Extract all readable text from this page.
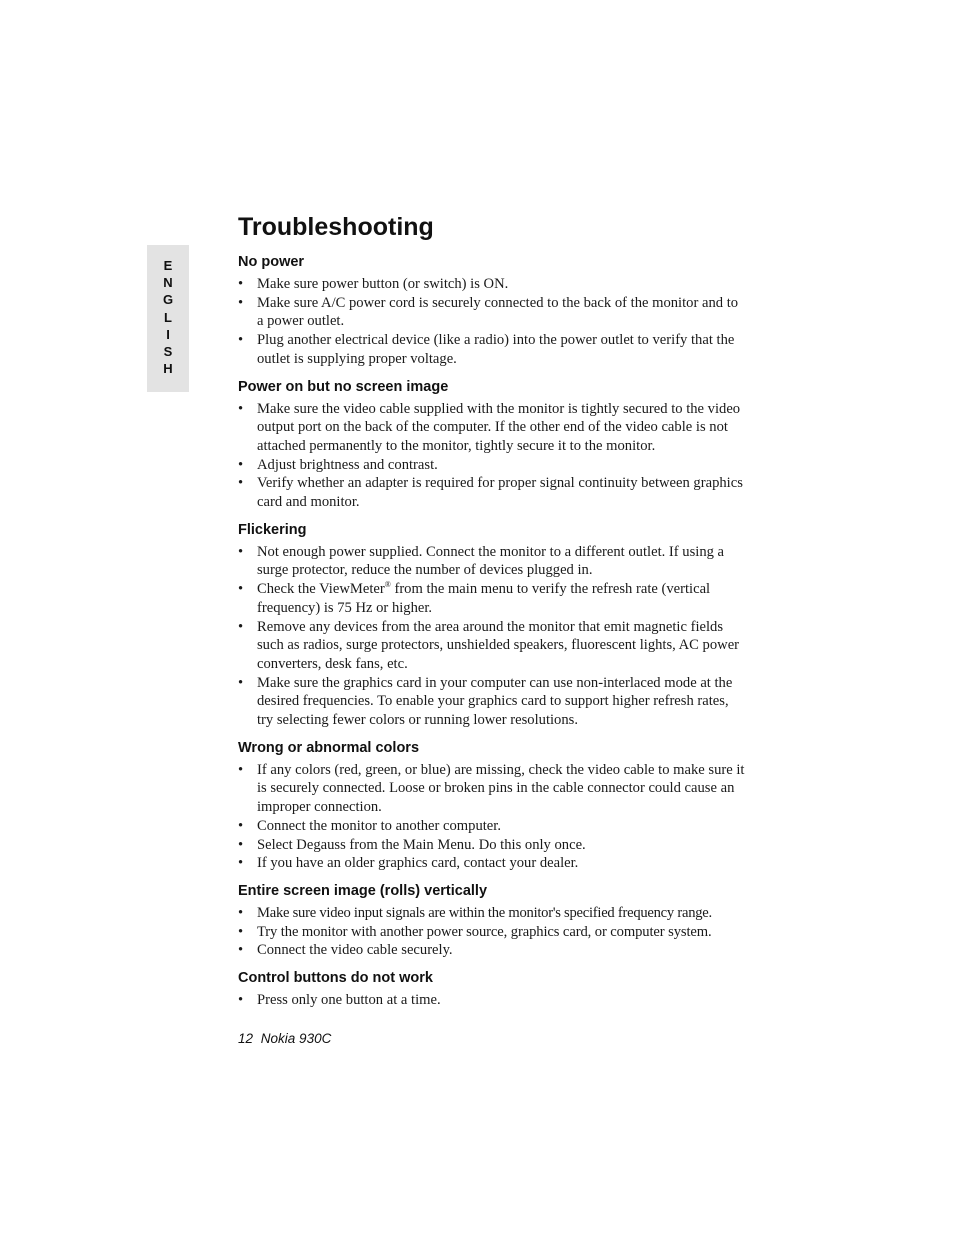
E
N
G
L
I
S
H
Troubleshooting
No power
• Make sure power button (or switch) is ON.
• Make sure A/C power cord is securely connected to the back of the monitor and to a power outlet.
• Plug another electrical device (like a radio) into the power outlet to verify that the outlet is supplying proper voltage.
Power on but no screen image
• Make sure the video cable supplied with the monitor is tightly secured to the video output port on the back of the computer. If the other end of the video cable is not attached permanently to the monitor, tightly secure it to the monitor.
• Adjust brightness and contrast.
• Verify whether an adapter is required for proper signal continuity between graphics card and monitor.
Flickering
• Not enough power supplied. Connect the monitor to a different outlet. If using a surge protector, reduce the number of devices plugged in.
• Check the ViewMeter® from the main menu to verify the refresh rate (vertical frequency) is 75 Hz or higher.
• Remove any devices from the area around the monitor that emit magnetic fields such as radios, surge protectors, unshielded speakers, fluorescent lights, AC power converters, desk fans, etc.
• Make sure the graphics card in your computer can use non-interlaced mode at the desired frequencies. To enable your graphics card to support higher refresh rates, try selecting fewer colors or running lower resolutions.
Wrong or abnormal colors
• If any colors (red, green, or blue) are missing, check the video cable to make sure it is securely connected. Loose or broken pins in the cable connector could cause an improper connection.
• Connect the monitor to another computer.
• Select Degauss from the Main Menu. Do this only once.
• If you have an older graphics card, contact your dealer.
Entire screen image (rolls) vertically
• Make sure video input signals are within the monitor's specified frequency range.
• Try the monitor with another power source, graphics card, or computer system.
• Connect the video cable securely.
Control buttons do not work
• Press only one button at a time.
12 Nokia 930C
